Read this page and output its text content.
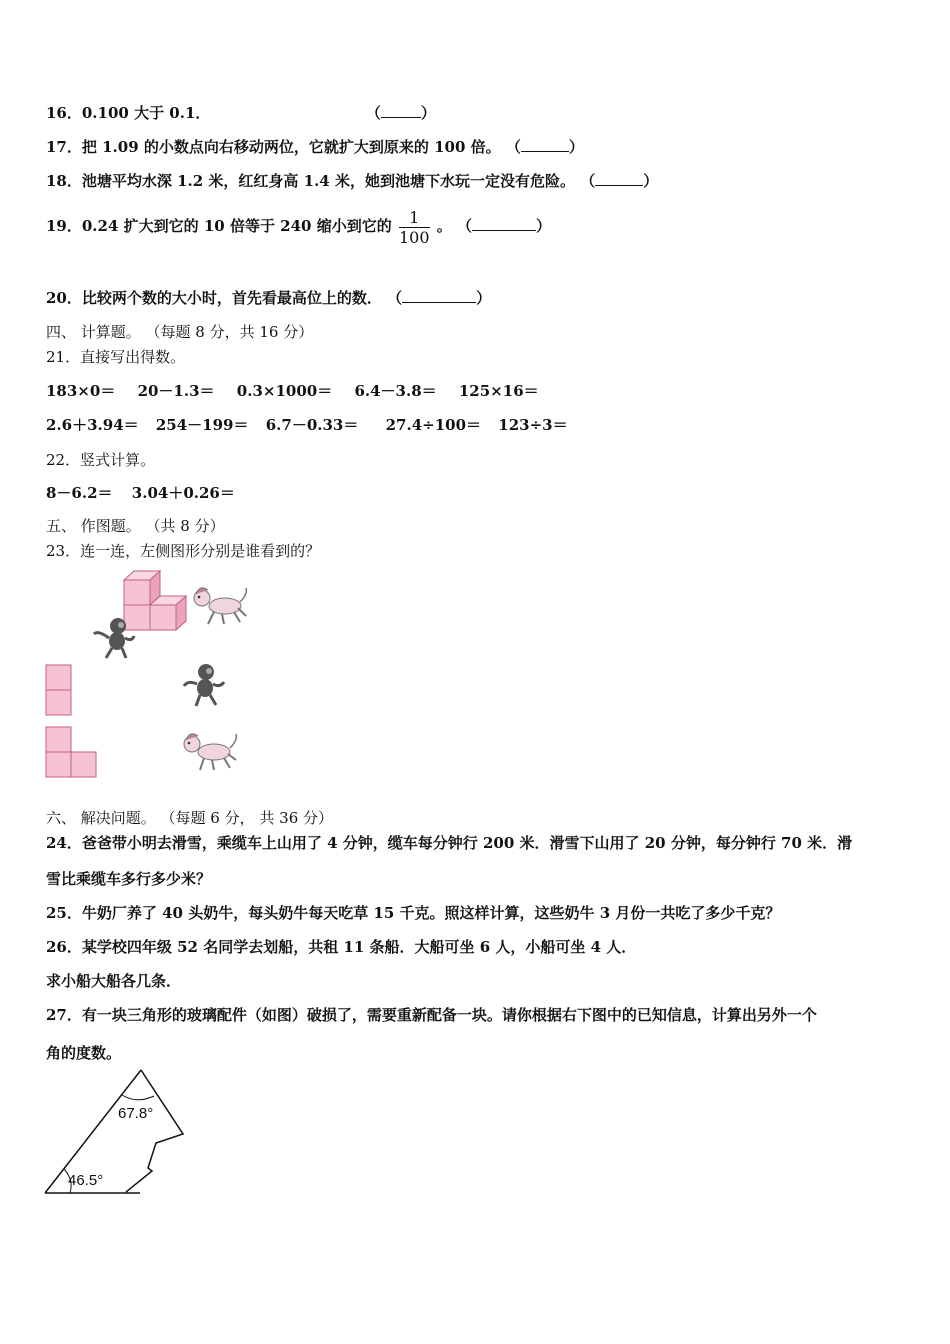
16．0.100 大于 0.1．	（	）
17．把 1.09 的小数点向右移动两位，它就扩大到原来的 100 倍。 （	）
18．池塘平均水深 1.2 米，红红身高 1.4 米，她到池塘下水玩一定没有危险。 （	）
19．0.24 扩大到它的 10 倍等于 240 缩小到它的 $\frac{1}{100}$ 。 （	）
20．比较两个数的大小时，首先看最高位上的数． （	）
四、 计算题。 （每题 8 分，共 16 分）
21．直接写出得数。
183×0＝ 20－1.3＝ 0.3×1000＝ 6.4－3.8＝ 125×16＝
2.6＋3.94＝ 254－199＝ 6.7－0.33＝ 27.4÷100＝ 123÷3＝
22．竖式计算。
8－6.2＝ 3.04＋0.26＝
五、 作图题。 （共 8 分）
23．连一连，左侧图形分别是谁看到的？
六、 解决问题。 （每题 6 分， 共 36 分）
24．爸爸带小明去滑雪，乘缆车上山用了 4 分钟，缆车每分钟行 200 米．滑雪下山用了 20 分钟，每分钟行 70 米．滑
雪比乘缆车多行多少米？
25．牛奶厂养了 40 头奶牛，每头奶牛每天吃草 15 千克。照这样计算，这些奶牛 3 月份一共吃了多少千克？
26．某学校四年级 52 名同学去划船，共租 11 条船．大船可坐 6 人，小船可坐 4 人．
求小船大船各几条．
27．有一块三角形的玻璃配件（如图）破损了，需要重新配备一块。请你根据右下图中的已知信息，计算出另外一个
角的度数。
67.8°
46.5°
